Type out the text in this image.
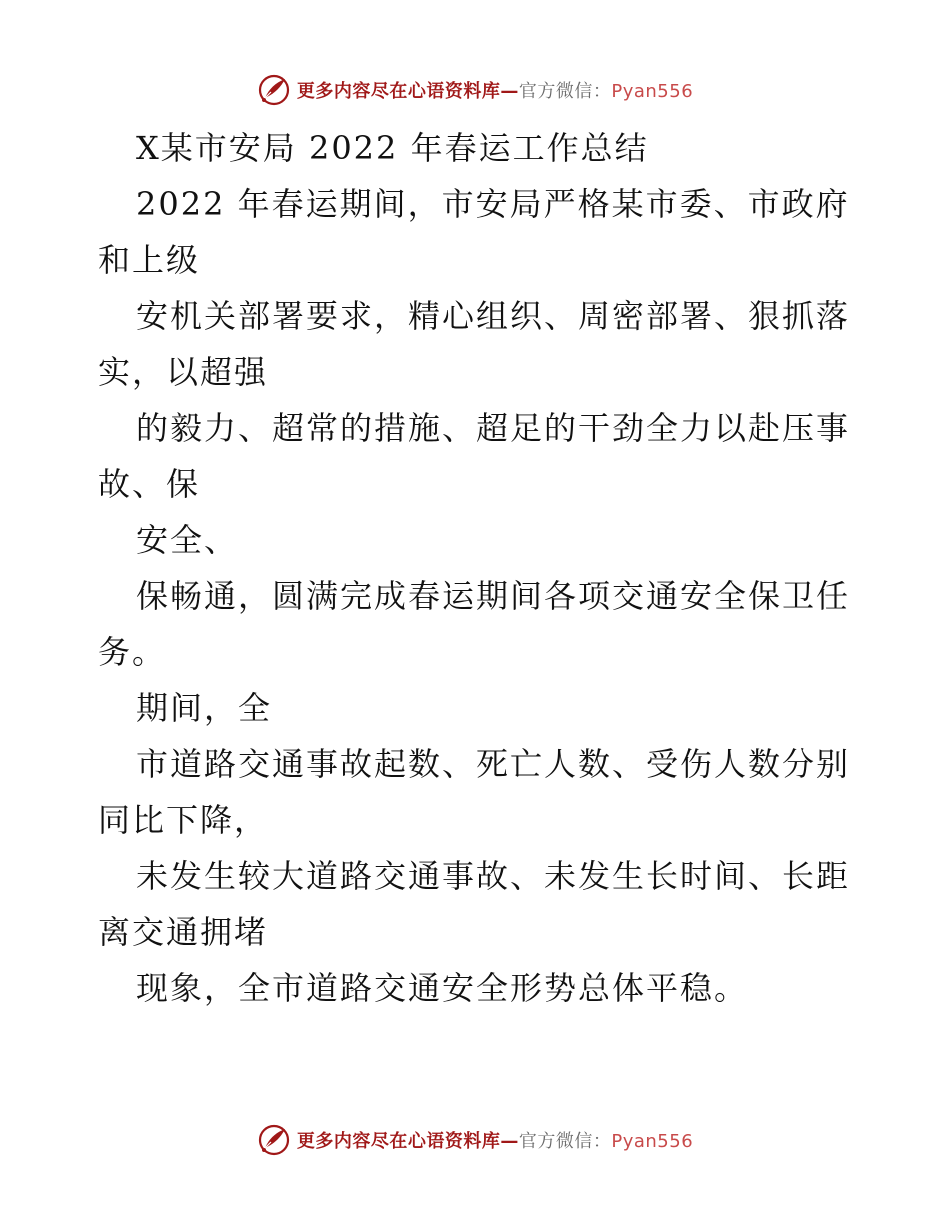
更多内容尽在心语资料库—官方微信：Pyan556
X某市安局 2022 年春运工作总结
2022 年春运期间，市安局严格某市委、市政府
和上级
安机关部署要求，精心组织、周密部署、狠抓落
实，以超强
的毅力、超常的措施、超足的干劲全力以赴压事
故、保
安全、
保畅通，圆满完成春运期间各项交通安全保卫任
务。
期间，全
市道路交通事故起数、死亡人数、受伤人数分别
同比下降，
未发生较大道路交通事故、未发生长时间、长距
离交通拥堵
现象，全市道路交通安全形势总体平稳。
更多内容尽在心语资料库—官方微信：Pyan556
